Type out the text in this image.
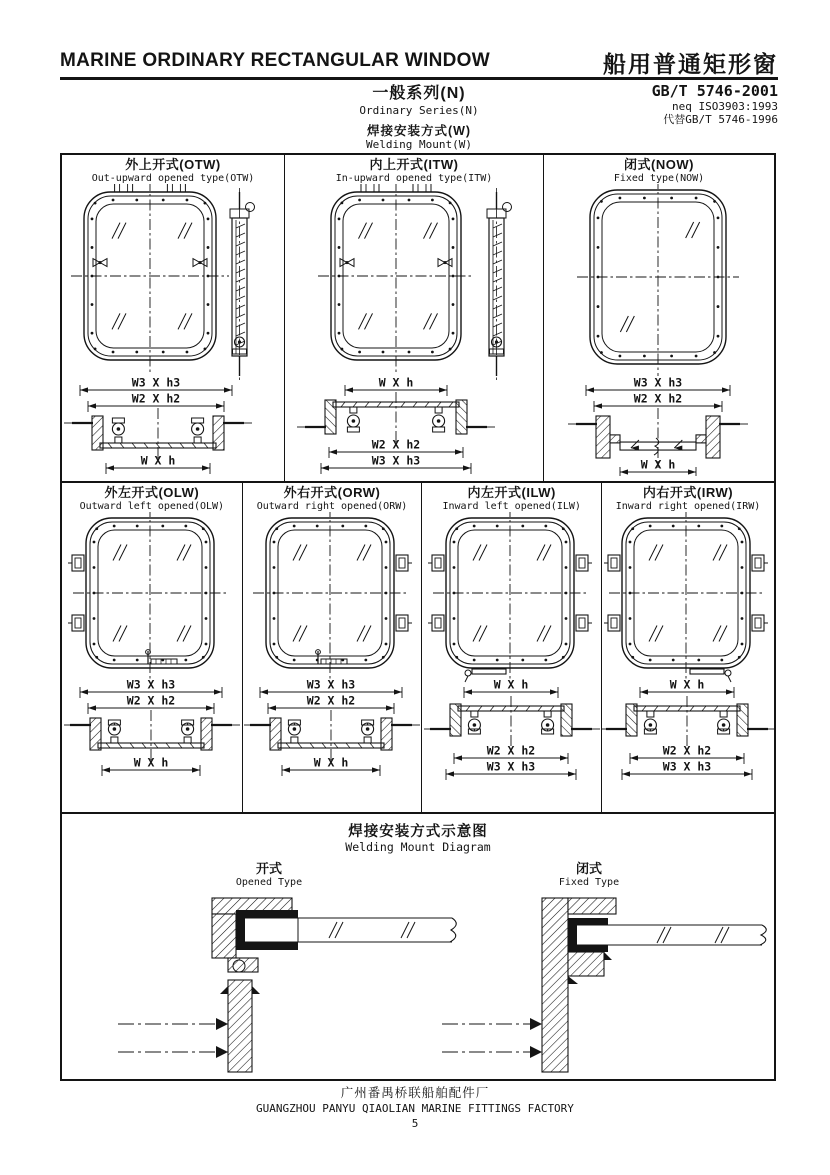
MARINE ORDINARY RECTANGULAR WINDOW	船用普通矩形窗
一般系列(N)
Ordinary Series(N)
焊接安装方式(W)
Welding Mount(W)
GB/T 5746-2001
neq ISO3903:1993
代替GB/T 5746-1996
外上开式(OTW)
Out-upward opened type(OTW)
W3 X h3
W2 X h2
W X h
内上开式(ITW)
In-upward opened type(ITW)
W X h
W2 X h2
W3 X h3
闭式(NOW)
Fixed type(NOW)
W3 X h3
W2 X h2
W X h
外左开式(OLW)
Outward left opened(OLW)
W3 X h3
W2 X h2
W X h
外右开式(ORW)
Outward right opened(ORW)
W3 X h3
W2 X h2
W X h
内左开式(ILW)
Inward left opened(ILW)
W X h
W2 X h2
W3 X h3
内右开式(IRW)
Inward right opened(IRW)
W X h
W2 X h2
W3 X h3
焊接安装方式示意图
Welding Mount Diagram
开式
Opened Type
闭式
Fixed Type
广州番禺桥联船舶配件厂
GUANGZHOU PANYU QIAOLIAN MARINE FITTINGS FACTORY
5
